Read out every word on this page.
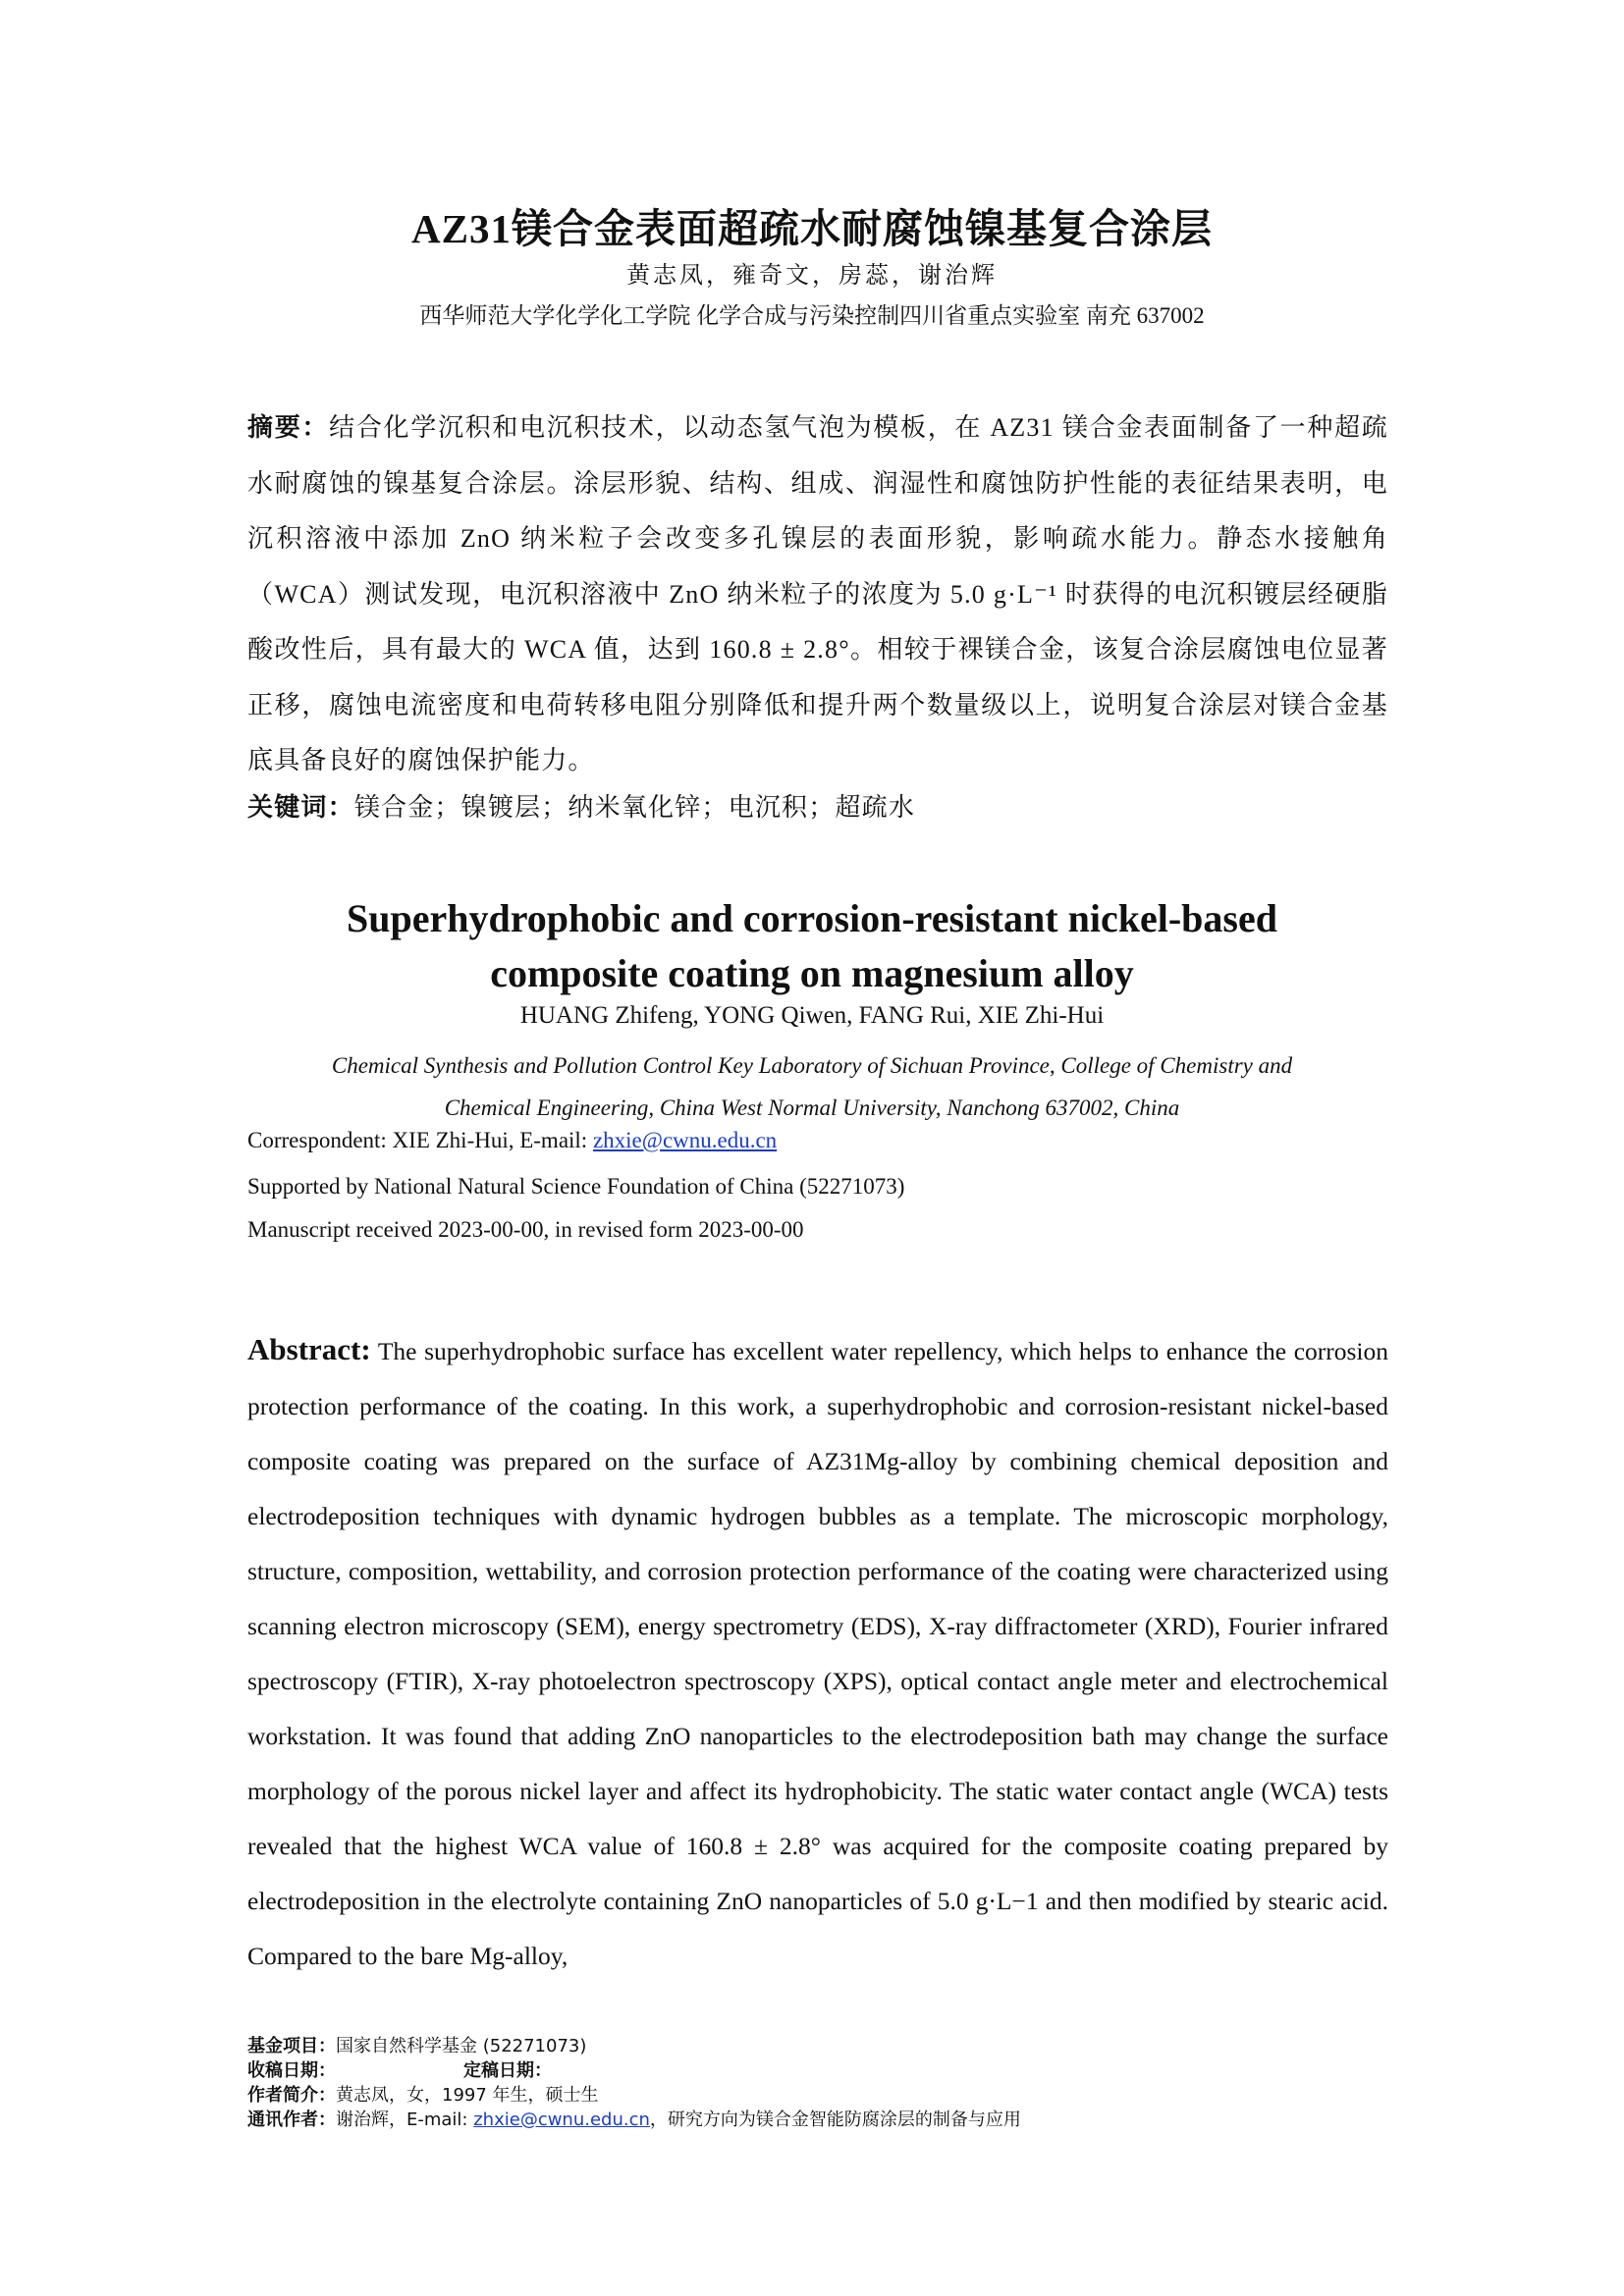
AZ31镁合金表面超疏水耐腐蚀镍基复合涂层
黄志凤，雍奇文，房蕊，谢治辉
西华师范大学化学化工学院 化学合成与污染控制四川省重点实验室 南充 637002
摘要：结合化学沉积和电沉积技术，以动态氢气泡为模板，在 AZ31 镁合金表面制备了一种超疏水耐腐蚀的镍基复合涂层。涂层形貌、结构、组成、润湿性和腐蚀防护性能的表征结果表明，电沉积溶液中添加 ZnO 纳米粒子会改变多孔镍层的表面形貌，影响疏水能力。静态水接触角（WCA）测试发现，电沉积溶液中 ZnO 纳米粒子的浓度为 5.0 g·L⁻¹ 时获得的电沉积镀层经硬脂酸改性后，具有最大的 WCA 值，达到 160.8 ± 2.8°。相较于裸镁合金，该复合涂层腐蚀电位显著正移，腐蚀电流密度和电荷转移电阻分别降低和提升两个数量级以上，说明复合涂层对镁合金基底具备良好的腐蚀保护能力。
关键词：镁合金；镍镀层；纳米氧化锌；电沉积；超疏水
Superhydrophobic and corrosion-resistant nickel-based
composite coating on magnesium alloy
HUANG Zhifeng, YONG Qiwen, FANG Rui, XIE Zhi-Hui
Chemical Synthesis and Pollution Control Key Laboratory of Sichuan Province, College of Chemistry and
Chemical Engineering, China West Normal University, Nanchong 637002, China
Correspondent: XIE Zhi-Hui, E-mail: zhxie@cwnu.edu.cn
Supported by National Natural Science Foundation of China (52271073)
Manuscript received 2023-00-00, in revised form 2023-00-00
Abstract: The superhydrophobic surface has excellent water repellency, which helps to enhance the corrosion protection performance of the coating. In this work, a superhydrophobic and corrosion-resistant nickel-based composite coating was prepared on the surface of AZ31Mg-alloy by combining chemical deposition and electrodeposition techniques with dynamic hydrogen bubbles as a template. The microscopic morphology, structure, composition, wettability, and corrosion protection performance of the coating were characterized using scanning electron microscopy (SEM), energy spectrometry (EDS), X-ray diffractometer (XRD), Fourier infrared spectroscopy (FTIR), X-ray photoelectron spectroscopy (XPS), optical contact angle meter and electrochemical workstation. It was found that adding ZnO nanoparticles to the electrodeposition bath may change the surface morphology of the porous nickel layer and affect its hydrophobicity. The static water contact angle (WCA) tests revealed that the highest WCA value of 160.8 ± 2.8° was acquired for the composite coating prepared by electrodeposition in the electrolyte containing ZnO nanoparticles of 5.0 g·L−1 and then modified by stearic acid. Compared to the bare Mg-alloy,
基金项目：国家自然科学基金 (52271073)
收稿日期：	定稿日期：
作者简介：黄志凤，女，1997 年生，硕士生
通讯作者：谢治辉，E-mail: zhxie@cwnu.edu.cn，研究方向为镁合金智能防腐涂层的制备与应用
